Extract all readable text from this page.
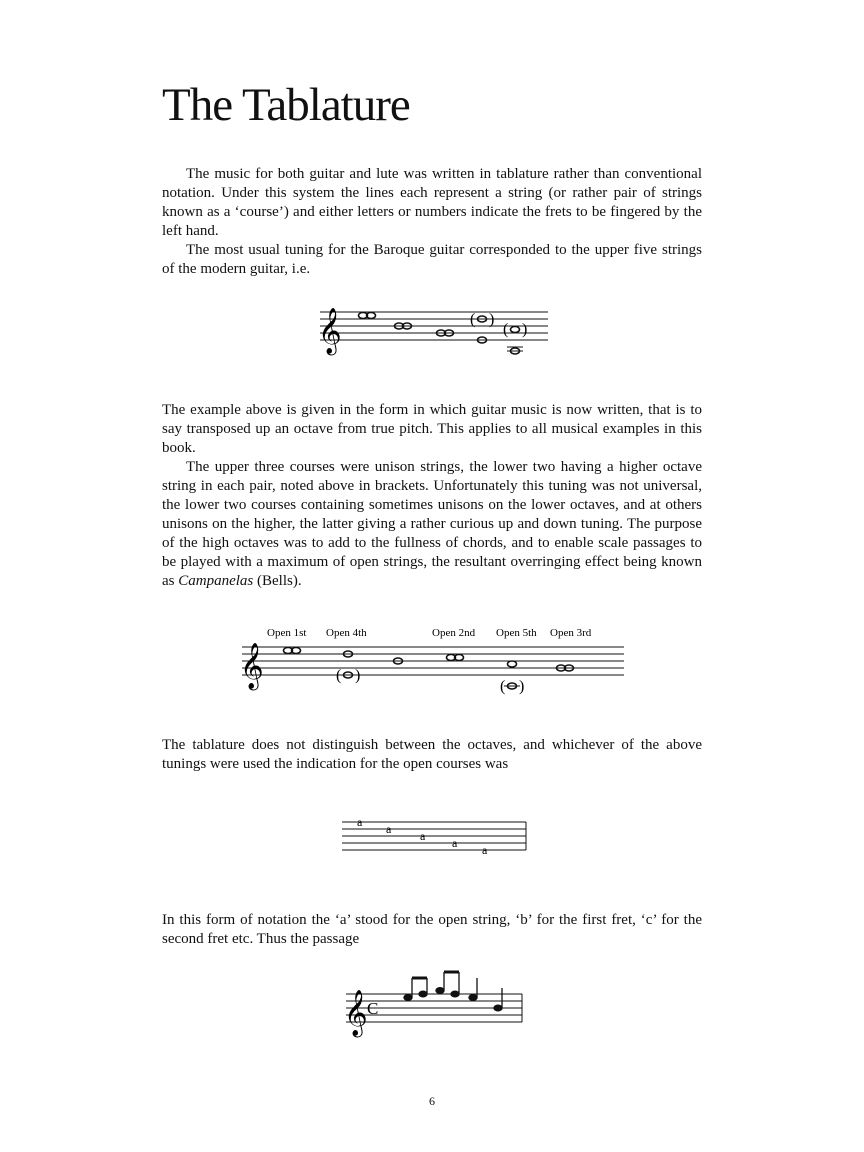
The Tablature

The music for both guitar and lute was written in tablature rather than conventional notation. Under this system the lines each represent a string (or rather pair of strings known as a ‘course’) and either letters or numbers indicate the frets to be fingered by the left hand.

The most usual tuning for the Baroque guitar corresponded to the upper five strings of the modern guitar, i.e.

𝄞	( )
( )

The example above is given in the form in which guitar music is now written, that is to say transposed up an octave from true pitch. This applies to all musical examples in this book.

The upper three courses were unison strings, the lower two having a higher octave string in each pair, noted above in brackets. Unfortunately this tuning was not universal, the lower two courses containing sometimes unisons on the lower octaves, and at others unisons on the higher, the latter giving a rather curious up and down tuning. The purpose of the high octaves was to add to the fullness of chords, and to enable scale passages to be played with a maximum of open strings, the resultant overringing effect being known as Campanelas (Bells).

Open 1st Open 4th	Open 2nd Open 5th Open 3rd
𝄞	( )
( )

The tablature does not distinguish between the octaves, and whichever of the above tunings were used the indication for the open courses was

a a a a a

In this form of notation the ‘a’ stood for the open string, ‘b’ for the first fret, ‘c’ for the second fret etc. Thus the passage

𝄞 C
6
